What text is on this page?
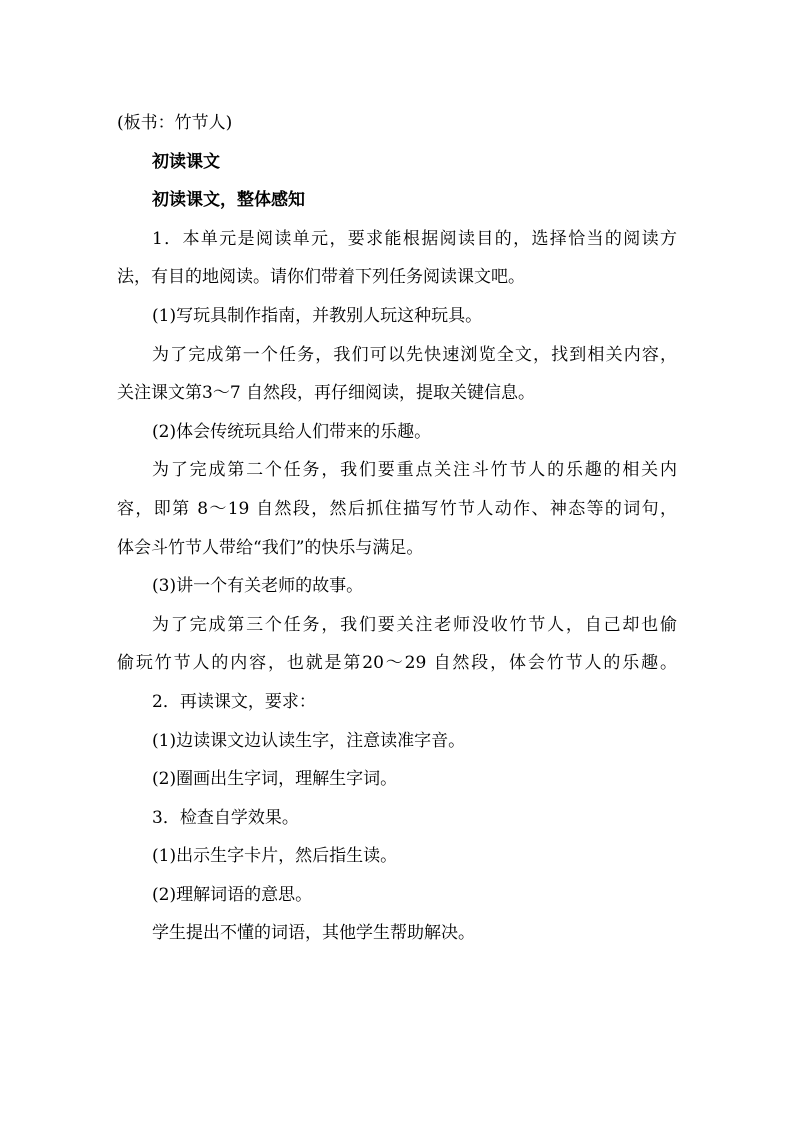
(板书：竹节人)
初读课文
初读课文，整体感知
1．本单元是阅读单元，要求能根据阅读目的，选择恰当的阅读方
法，有目的地阅读。请你们带着下列任务阅读课文吧。
(1)写玩具制作指南，并教别人玩这种玩具。
为了完成第一个任务，我们可以先快速浏览全文，找到相关内容，
关注课文第3～7 自然段，再仔细阅读，提取关键信息。
(2)体会传统玩具给人们带来的乐趣。
为了完成第二个任务，我们要重点关注斗竹节人的乐趣的相关内
容，即第 8～19 自然段，然后抓住描写竹节人动作、神态等的词句，
体会斗竹节人带给“我们”的快乐与满足。
(3)讲一个有关老师的故事。
为了完成第三个任务，我们要关注老师没收竹节人，自己却也偷
偷玩竹节人的内容，也就是第20～29 自然段，体会竹节人的乐趣。
2．再读课文，要求：
(1)边读课文边认读生字，注意读准字音。
(2)圈画出生字词，理解生字词。
3．检查自学效果。
(1)出示生字卡片，然后指生读。
(2)理解词语的意思。
学生提出不懂的词语，其他学生帮助解决。
